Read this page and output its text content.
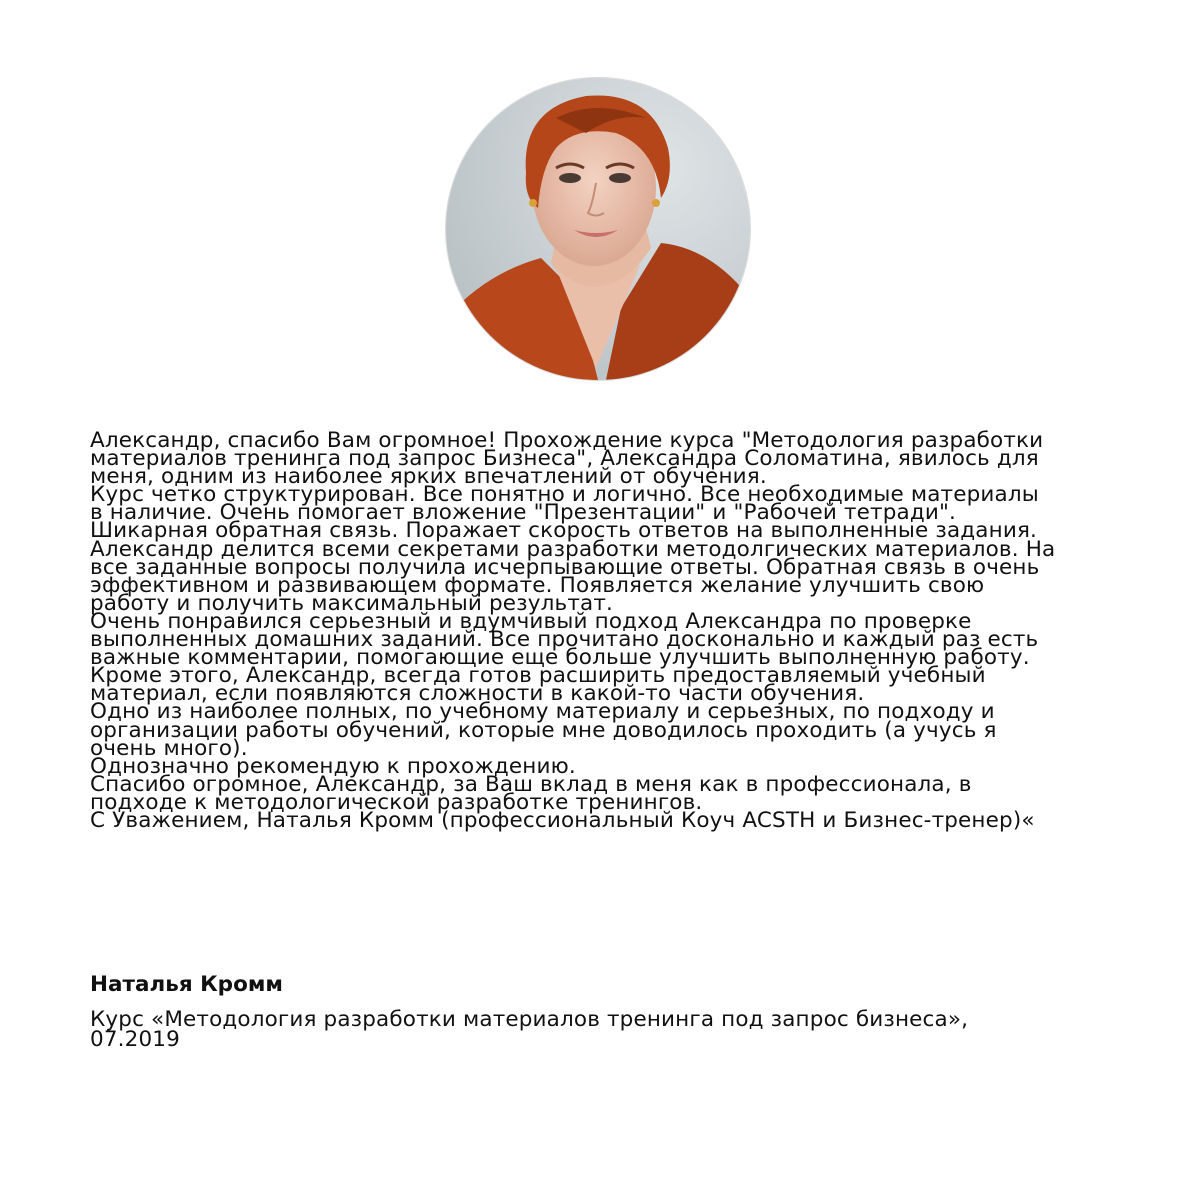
Александр, спасибо Вам огромное! Прохождение курса "Методология разработки
материалов тренинга под запрос Бизнеса", Александра Соломатина, явилось для
меня, одним из наиболее ярких впечатлений от обучения.

Курс четко структурирован. Все понятно и логично. Все необходимые материалы
в наличие. Очень помогает вложение "Презентации" и "Рабочей тетради".

Шикарная обратная связь. Поражает скорость ответов на выполненные задания.

Александр делится всеми секретами разработки методолгических материалов. На
все заданные вопросы получила исчерпывающие ответы. Обратная связь в очень
эффективном и развивающем формате. Появляется желание улучшить свою
работу и получить максимальный результат.

Очень понравился серьезный и вдумчивый подход Александра по проверке
выполненных домашних заданий. Все прочитано досконально и каждый раз есть
важные комментарии, помогающие еще больше улучшить выполненную работу.

Кроме этого, Александр, всегда готов расширить предоставляемый учебный
материал, если появляются сложности в какой-то части обучения.

Одно из наиболее полных, по учебному материалу и серьезных, по подходу и
организации работы обучений, которые мне доводилось проходить (а учусь я
очень много).

Однозначно рекомендую к прохождению.

Спасибо огромное, Александр, за Ваш вклад в меня как в профессионала, в
подходе к методологической разработке тренингов.

С Уважением, Наталья Кромм (профессиональный Коуч ACSTH и Бизнес-тренер)«

Наталья Кромм
Курс «Методология разработки материалов тренинга под запрос бизнеса»,
07.2019
